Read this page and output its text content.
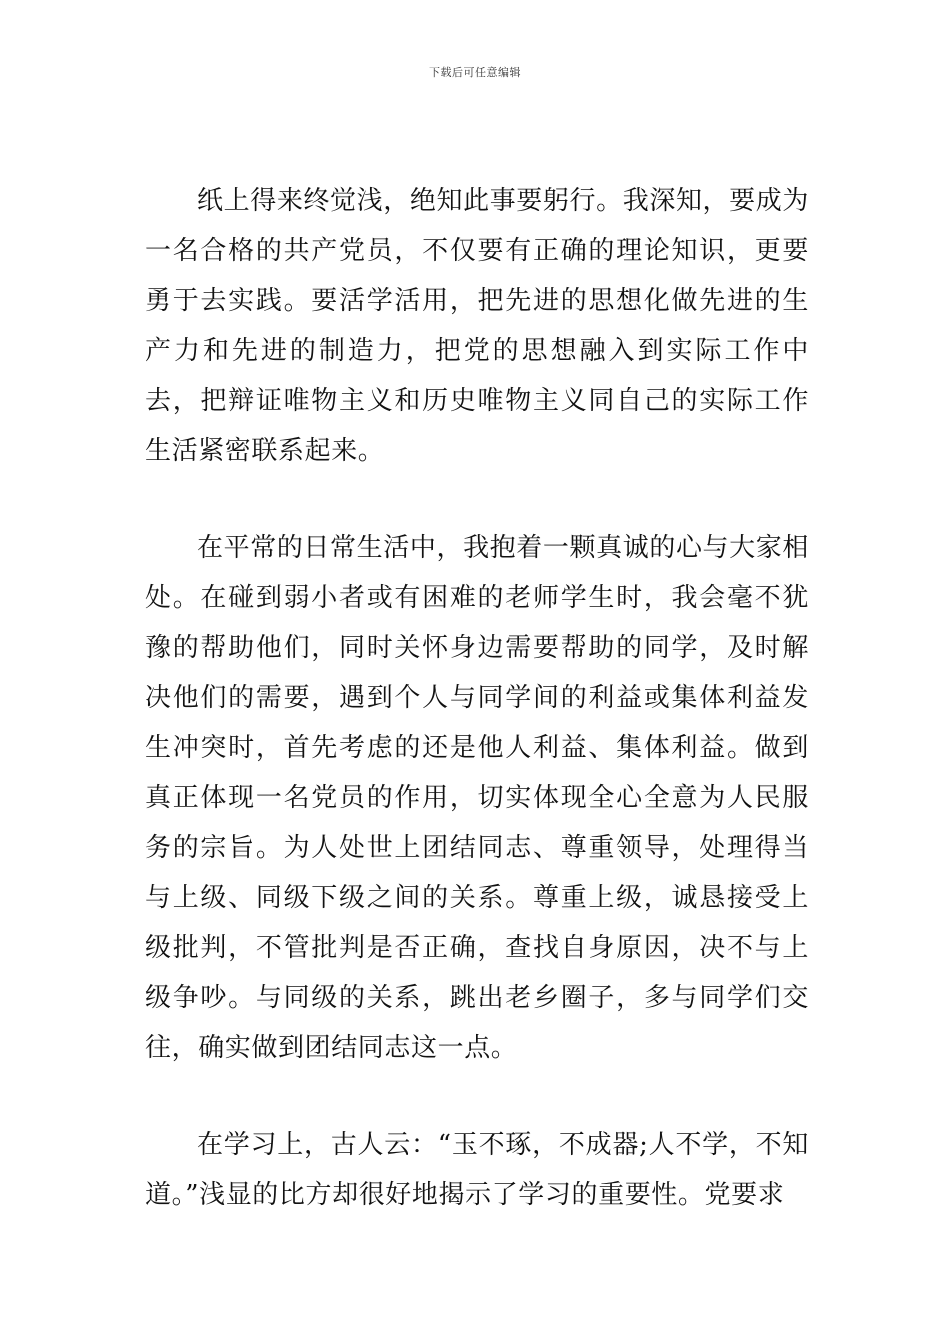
下载后可任意编辑

纸上得来终觉浅，绝知此事要躬行。我深知，要成为一名合格的共产党员，不仅要有正确的理论知识，更要勇于去实践。要活学活用，把先进的思想化做先进的生产力和先进的制造力，把党的思想融入到实际工作中去，把辩证唯物主义和历史唯物主义同自己的实际工作生活紧密联系起来。

在平常的日常生活中，我抱着一颗真诚的心与大家相处。在碰到弱小者或有困难的老师学生时，我会毫不犹豫的帮助他们，同时关怀身边需要帮助的同学，及时解决他们的需要，遇到个人与同学间的利益或集体利益发生冲突时，首先考虑的还是他人利益、集体利益。做到真正体现一名党员的作用，切实体现全心全意为人民服务的宗旨。为人处世上团结同志、尊重领导，处理得当与上级、同级下级之间的关系。尊重上级，诚恳接受上级批判，不管批判是否正确，查找自身原因，决不与上级争吵。与同级的关系，跳出老乡圈子，多与同学们交往，确实做到团结同志这一点。

在学习上，古人云：“玉不琢，不成器;人不学，不知道。”浅显的比方却很好地揭示了学习的重要性。党要求
